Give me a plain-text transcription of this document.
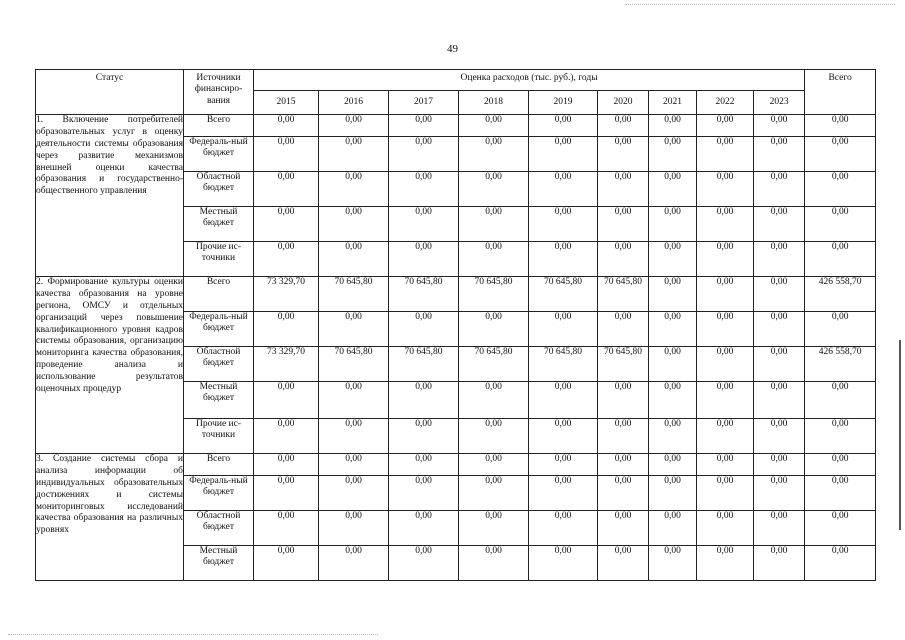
49
Статус	Источники финансиро-вания	Оценка расходов (тыс. руб.), годы									Всего
		2015	2016	2017	2018	2019	2020	2021	2022	2023	
1. Включение потребителей образовательных услуг в оценку деятельности системы образования через развитие механизмов внешней оценки качества образования и государственно-общественного управления	Всего	0,00	0,00	0,00	0,00	0,00	0,00	0,00	0,00	0,00	0,00
	Федераль-ный бюджет	0,00	0,00	0,00	0,00	0,00	0,00	0,00	0,00	0,00	0,00
	Областной бюджет	0,00	0,00	0,00	0,00	0,00	0,00	0,00	0,00	0,00	0,00
	Местный бюджет	0,00	0,00	0,00	0,00	0,00	0,00	0,00	0,00	0,00	0,00
	Прочие ис-точники	0,00	0,00	0,00	0,00	0,00	0,00	0,00	0,00	0,00	0,00
2. Формирование культуры оценки качества образования на уровне региона, ОМСУ и отдельных организаций через повышение квалификационного уровня кадров системы образования, организацию мониторинга качества образования, проведение анализа и использование результатов оценочных процедур	Всего	73 329,70	70 645,80	70 645,80	70 645,80	70 645,80	70 645,80	0,00	0,00	0,00	426 558,70
	Федераль-ный бюджет	0,00	0,00	0,00	0,00	0,00	0,00	0,00	0,00	0,00	0,00
	Областной бюджет	73 329,70	70 645,80	70 645,80	70 645,80	70 645,80	70 645,80	0,00	0,00	0,00	426 558,70
	Местный бюджет	0,00	0,00	0,00	0,00	0,00	0,00	0,00	0,00	0,00	0,00
	Прочие ис-точники	0,00	0,00	0,00	0,00	0,00	0,00	0,00	0,00	0,00	0,00
3. Создание системы сбора и анализа информации об индивидуальных образовательных достижениях и системы мониторинговых исследований качества образования на различных уровнях	Всего	0,00	0,00	0,00	0,00	0,00	0,00	0,00	0,00	0,00	0,00
	Федераль-ный бюджет	0,00	0,00	0,00	0,00	0,00	0,00	0,00	0,00	0,00	0,00
	Областной бюджет	0,00	0,00	0,00	0,00	0,00	0,00	0,00	0,00	0,00	0,00
	Местный бюджет	0,00	0,00	0,00	0,00	0,00	0,00	0,00	0,00	0,00	0,00
